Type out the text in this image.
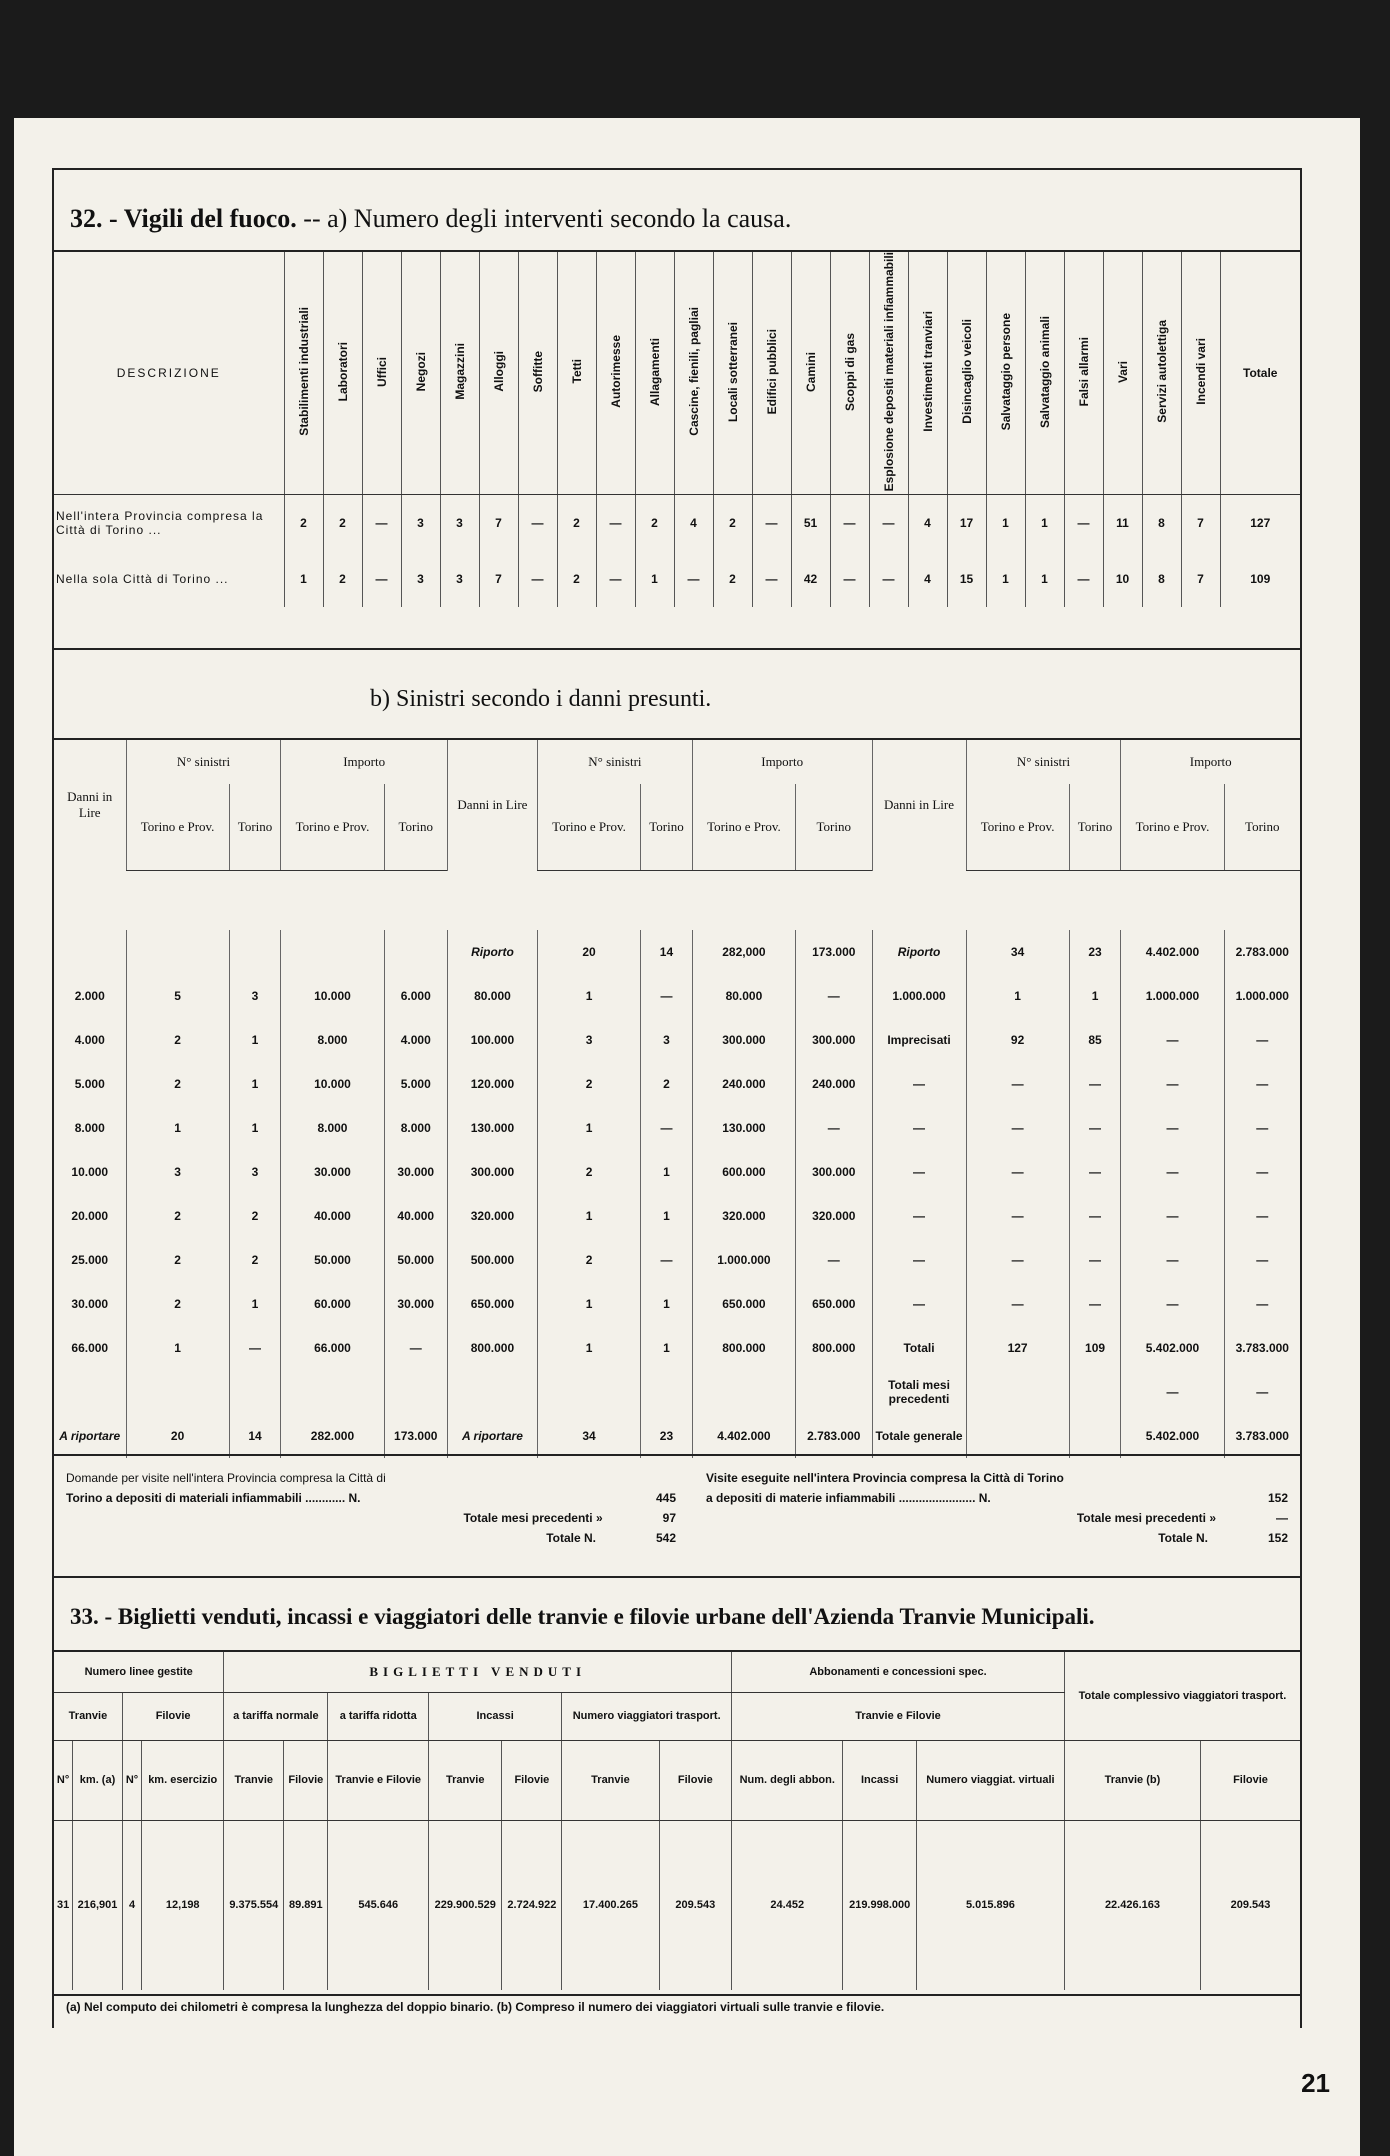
32. - Vigili del fuoco. -- a) Numero degli interventi secondo la causa.
DESCRIZIONE	Stabilimenti industriali	Laboratori	Uffici	Negozi	Magazzini	Alloggi	Soffitte	Tetti	Autorimesse	Allagamenti	Cascine, fienili, pagliai	Locali sotterranei	Edifici pubblici	Camini	Scoppi di gas	Esplosione depositi materiali infiammabili	Investimenti tranviari	Disincaglio veicoli	Salvataggio persone	Salvataggio animali	Falsi allarmi	Vari	Servizi autolettiga	Incendi vari	Totale
Nell'intera Provincia compresa la Città di Torino ...	2	2	—	3	3	7	—	2	—	2	4	2	—	51	—	—	4	17	1	1	—	11	8	7	127
Nella sola Città di Torino ...	1	2	—	3	3	7	—	2	—	1	—	2	—	42	—	—	4	15	1	1	—	10	8	7	109
b) Sinistri secondo i danni presunti.
Danni in Lire	N° sinistri		Importo		Danni in Lire	N° sinistri		Importo		Danni in Lire	N° sinistri		Importo	
	Torino e Prov.	Torino	Torino e Prov.	Torino		Torino e Prov.	Torino	Torino e Prov.	Torino		Torino e Prov.	Torino	Torino e Prov.	Torino

					Riporto	20	14	282,000	173.000	Riporto	34	23	4.402.000	2.783.000
2.000	5	3	10.000	6.000	80.000	1	—	80.000	—	1.000.000	1	1	1.000.000	1.000.000
4.000	2	1	8.000	4.000	100.000	3	3	300.000	300.000	Imprecisati	92	85	—	—
5.000	2	1	10.000	5.000	120.000	2	2	240.000	240.000	—	—	—	—	—
8.000	1	1	8.000	8.000	130.000	1	—	130.000	—	—	—	—	—	—
10.000	3	3	30.000	30.000	300.000	2	1	600.000	300.000	—	—	—	—	—
20.000	2	2	40.000	40.000	320.000	1	1	320.000	320.000	—	—	—	—	—
25.000	2	2	50.000	50.000	500.000	2	—	1.000.000	—	—	—	—	—	—
30.000	2	1	60.000	30.000	650.000	1	1	650.000	650.000	—	—	—	—	—
66.000	1	—	66.000	—	800.000	1	1	800.000	800.000	Totali	127	109	5.402.000	3.783.000
										Totali mesi precedenti			—	—
A riportare	20	14	282.000	173.000	A riportare	34	23	4.402.000	2.783.000	Totale generale			5.402.000	3.783.000
Domande per visite nell'intera Provincia compresa la Città di
Torino a depositi di materiali infiammabili ............ N.	445
Totale mesi precedenti »	97
Totale N.	542
Visite eseguite nell'intera Provincia compresa la Città di Torino
a depositi di materie infiammabili ....................... N.	152
Totale mesi precedenti »	—
Totale N.	152
33. - Biglietti venduti, incassi e viaggiatori delle tranvie e filovie urbane dell'Azienda Tranvie Municipali.
Numero linee gestite				BIGLIETTI VENDUTI							Abbonamenti e concessioni spec.			Totale complessivo viaggiatori trasport.	
Tranvie		Filovie		a tariffa normale		a tariffa ridotta	Incassi		Numero viaggiatori trasport.		Tranvie e Filovie				
N°	km. (a)	N°	km. esercizio	Tranvie	Filovie	Tranvie e Filovie	Tranvie	Filovie	Tranvie	Filovie	Num. degli abbon.	Incassi	Numero viaggiat. virtuali	Tranvie (b)	Filovie
31	216,901	4	12,198	9.375.554	89.891	545.646	229.900.529	2.724.922	17.400.265	209.543	24.452	219.998.000	5.015.896	22.426.163	209.543
(a) Nel computo dei chilometri è compresa la lunghezza del doppio binario. (b) Compreso il numero dei viaggiatori virtuali sulle tranvie e filovie.
21
